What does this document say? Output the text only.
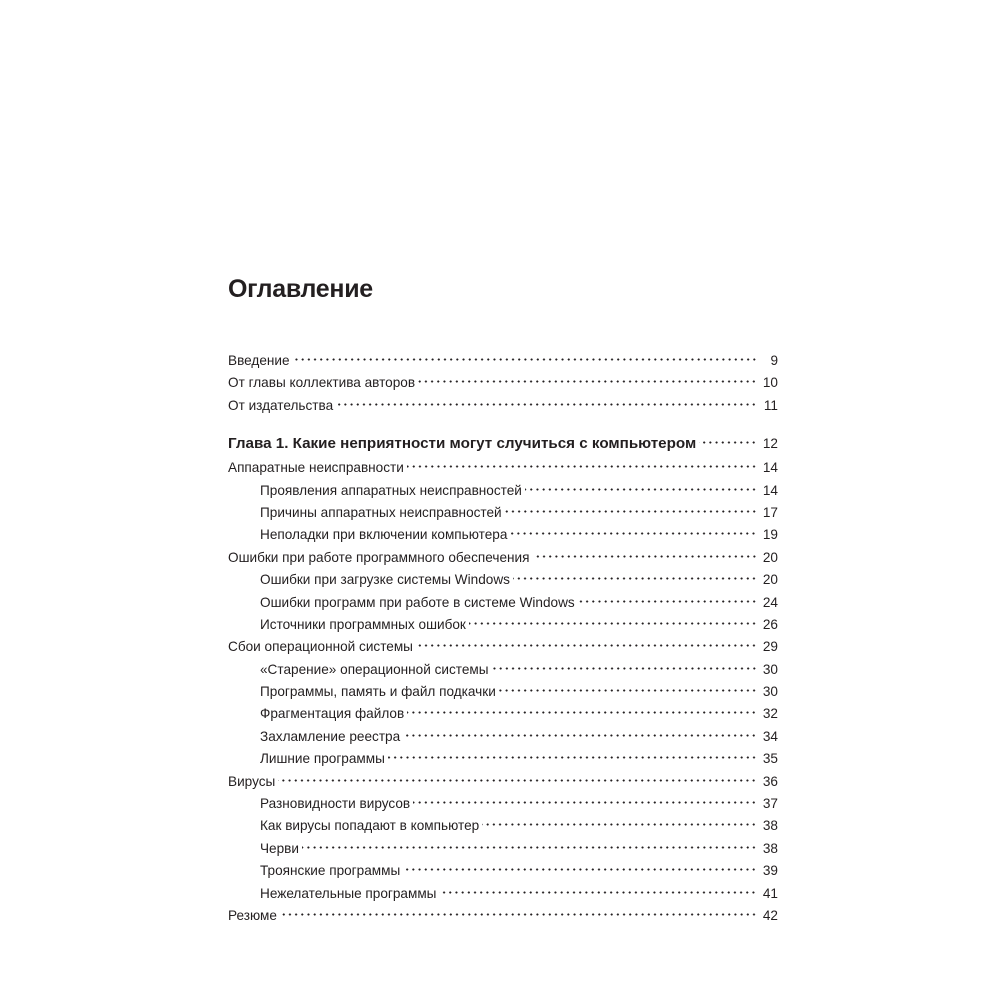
Оглавление
Введение	9
От главы коллектива авторов	10
От издательства	11
Глава 1. Какие неприятности могут случиться с компьютером	12
Аппаратные неисправности	14
Проявления аппаратных неисправностей	14
Причины аппаратных неисправностей	17
Неполадки при включении компьютера	19
Ошибки при работе программного обеспечения	20
Ошибки при загрузке системы Windows	20
Ошибки программ при работе в системе Windows	24
Источники программных ошибок	26
Сбои операционной системы	29
«Старение» операционной системы	30
Программы, память и файл подкачки	30
Фрагментация файлов	32
Захламление реестра	34
Лишние программы	35
Вирусы	36
Разновидности вирусов	37
Как вирусы попадают в компьютер	38
Черви	38
Троянские программы	39
Нежелательные программы	41
Резюме	42
